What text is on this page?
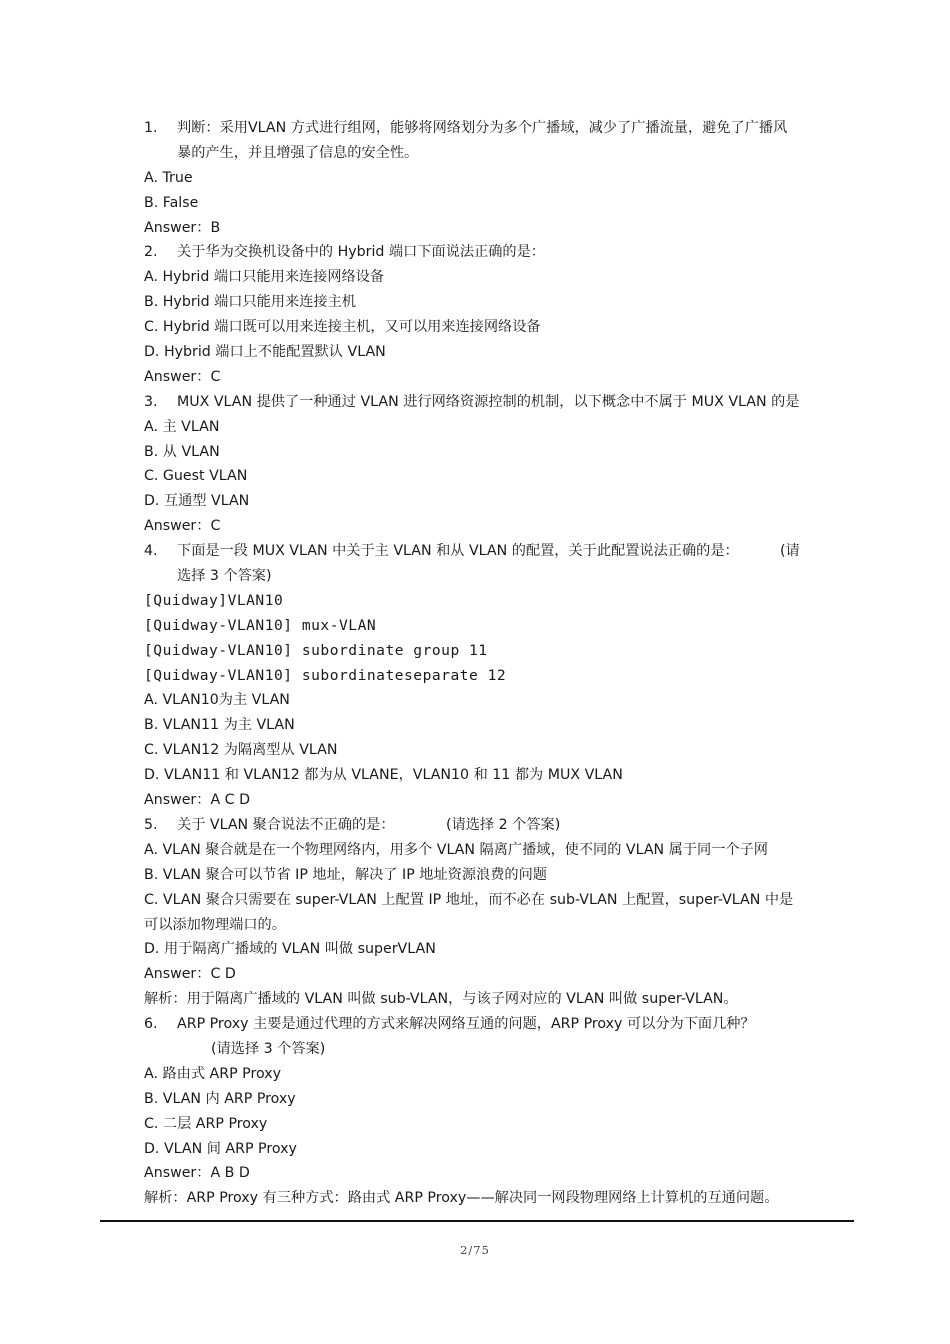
1. 判断：采用VLAN 方式进行组网，能够将网络划分为多个广播域，减少了广播流量，避免了广播风
暴的产生，并且增强了信息的安全性。
A. True
B. False
Answer：B
2. 关于华为交换机设备中的 Hybrid 端口下面说法正确的是：
A. Hybrid 端口只能用来连接网络设备
B. Hybrid 端口只能用来连接主机
C. Hybrid 端口既可以用来连接主机，又可以用来连接网络设备
D. Hybrid 端口上不能配置默认 VLAN
Answer：C
3. MUX VLAN 提供了一种通过 VLAN 进行网络资源控制的机制，以下概念中不属于 MUX VLAN 的是
A. 主 VLAN
B. 从 VLAN
C. Guest VLAN
D. 互通型 VLAN
Answer：C
4. 下面是一段 MUX VLAN 中关于主 VLAN 和从 VLAN 的配置，关于此配置说法正确的是：	(请
选择 3 个答案)
[Quidway]VLAN10
[Quidway-VLAN10] mux-VLAN
[Quidway-VLAN10] subordinate group 11
[Quidway-VLAN10] subordinateseparate 12
A. VLAN10为主 VLAN
B. VLAN11 为主 VLAN
C. VLAN12 为隔离型从 VLAN
D. VLAN11 和 VLAN12 都为从 VLANE，VLAN10 和 11 都为 MUX VLAN
Answer：A C D
5. 关于 VLAN 聚合说法不正确的是：	(请选择 2 个答案)
A. VLAN 聚合就是在一个物理网络内，用多个 VLAN 隔离广播域，使不同的 VLAN 属于同一个子网
B. VLAN 聚合可以节省 IP 地址，解决了 IP 地址资源浪费的问题
C. VLAN 聚合只需要在 super-VLAN 上配置 IP 地址，而不必在 sub-VLAN 上配置，super-VLAN 中是
可以添加物理端口的。
D. 用于隔离广播域的 VLAN 叫做 superVLAN
Answer：C D
解析：用于隔离广播域的 VLAN 叫做 sub-VLAN，与该子网对应的 VLAN 叫做 super-VLAN。
6. ARP Proxy 主要是通过代理的方式来解决网络互通的问题，ARP Proxy 可以分为下面几种？
(请选择 3 个答案)
A. 路由式 ARP Proxy
B. VLAN 内 ARP Proxy
C. 二层 ARP Proxy
D. VLAN 间 ARP Proxy
Answer：A B D
解析：ARP Proxy 有三种方式：路由式 ARP Proxy——解决同一网段物理网络上计算机的互通问题。
2/75
